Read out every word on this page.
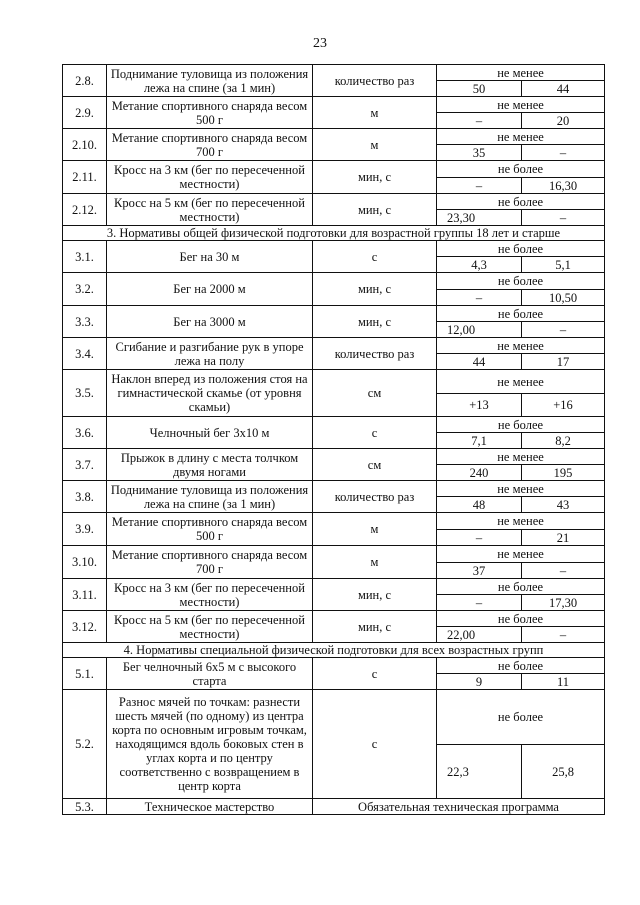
23
2.8.	Поднимание туловища из положения лежа на спине (за 1 мин)	количество раз	не менее	
			50	44
2.9.	Метание спортивного снаряда весом 500 г	м	не менее	
			–	20
2.10.	Метание спортивного снаряда весом 700 г	м	не менее	
			35	–
2.11.	Кросс на 3 км (бег по пересеченной местности)	мин, с	не более	
			–	16,30
2.12.	Кросс на 5 км (бег по пересеченной местности)	мин, с	не более	
			23,30	–
3. Нормативы общей физической подготовки для возрастной группы 18 лет и старше				
3.1.	Бег на 30 м	с	не более	
			4,3	5,1
3.2.	Бег на 2000 м	мин, с	не более	
			–	10,50
3.3.	Бег на 3000 м	мин, с	не более	
			12,00	–
3.4.	Сгибание и разгибание рук в упоре лежа на полу	количество раз	не менее	
			44	17
3.5.	Наклон вперед из положения стоя на гимнастической скамье (от уровня скамьи)	см	не менее	
			+13	+16
3.6.	Челночный бег 3х10 м	с	не более	
			7,1	8,2
3.7.	Прыжок в длину с места толчком двумя ногами	см	не менее	
			240	195
3.8.	Поднимание туловища из положения лежа на спине (за 1 мин)	количество раз	не менее	
			48	43
3.9.	Метание спортивного снаряда весом 500 г	м	не менее	
			–	21
3.10.	Метание спортивного снаряда весом 700 г	м	не менее	
			37	–
3.11.	Кросс на 3 км (бег по пересеченной местности)	мин, с	не более	
			–	17,30
3.12.	Кросс на 5 км (бег по пересеченной местности)	мин, с	не более	
			22,00	–
4. Нормативы специальной физической подготовки для всех возрастных групп				
5.1.	Бег челночный 6х5 м с высокого старта	с	не более	
			9	11
5.2.	Разнос мячей по точкам: разнести шесть мячей (по одному) из центра корта по основным игровым точкам, находящимся вдоль боковых стен в углах корта и по центру соответственно с возвращением в центр корта	с	не более	
			22,3	25,8
5.3.	Техническое мастерство	Обязательная техническая программа		
